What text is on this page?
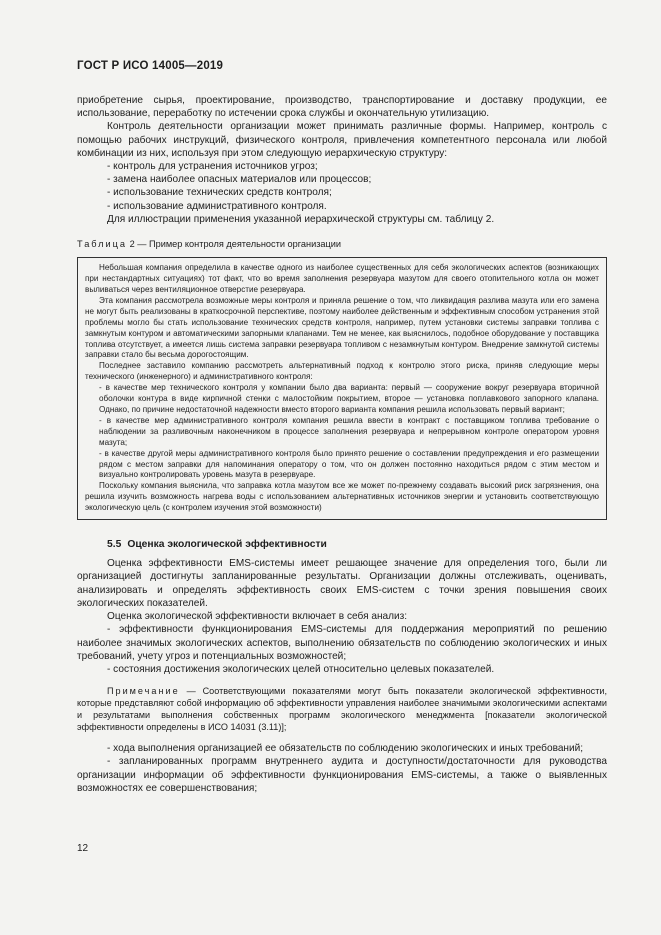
ГОСТ Р ИСО 14005—2019

приобретение сырья, проектирование, производство, транспортирование и доставку продукции, ее использование, переработку по истечении срока службы и окончательную утилизацию.

Контроль деятельности организации может принимать различные формы. Например, контроль с помощью рабочих инструкций, физического контроля, привлечения компетентного персонала или любой комбинации из них, используя при этом следующую иерархическую структуру:

- контроль для устранения источников угроз;

- замена наиболее опасных материалов или процессов;

- использование технических средств контроля;

- использование административного контроля.

Для иллюстрации применения указанной иерархической структуры см. таблицу 2.

Таблица 2 — Пример контроля деятельности организации

Небольшая компания определила в качестве одного из наиболее существенных для себя экологических аспектов (возникающих при нестандартных ситуациях) тот факт, что во время заполнения резервуара мазутом для своего отопительного котла он может выливаться через вентиляционное отверстие резервуара.

Эта компания рассмотрела возможные меры контроля и приняла решение о том, что ликвидация разлива мазута или его замена не могут быть реализованы в краткосрочной перспективе, поэтому наиболее действенным и эффективным способом устранения этой проблемы могло бы стать использование технических средств контроля, например, путем установки системы заправки топлива с замкнутым контуром и автоматическими запорными клапанами. Тем не менее, как выяснилось, подобное оборудование у поставщика топлива отсутствует, а имеется лишь система заправки резервуара топливом с незамкнутым контуром. Внедрение замкнутой системы заправки стало бы весьма дорогостоящим.

Последнее заставило компанию рассмотреть альтернативный подход к контролю этого риска, приняв следующие меры технического (инженерного) и административного контроля:

- в качестве мер технического контроля у компании было два варианта: первый — сооружение вокруг резервуара вторичной оболочки контура в виде кирпичной стенки с малостойким покрытием, второе — установка поплавкового запорного клапана. Однако, по причине недостаточной надежности вместо второго варианта компания решила использовать первый вариант;

- в качестве мер административного контроля компания решила ввести в контракт с поставщиком топлива требование о наблюдении за разливочным наконечником в процессе заполнения резервуара и непрерывном контроле оператором уровня мазута;

- в качестве другой меры административного контроля было принято решение о составлении предупреждения и его размещении рядом с местом заправки для напоминания оператору о том, что он должен постоянно находиться рядом с этим местом и визуально контролировать уровень мазута в резервуаре.

Поскольку компания выяснила, что заправка котла мазутом все же может по-прежнему создавать высокий риск загрязнения, она решила изучить возможность нагрева воды с использованием альтернативных источников энергии и установить соответствующую экологическую цель (с контролем изучения этой возможности)

5.5 Оценка экологической эффективности

Оценка эффективности EMS-системы имеет решающее значение для определения того, были ли организацией достигнуты запланированные результаты. Организации должны отслеживать, оценивать, анализировать и определять эффективность своих EMS-систем с точки зрения повышения своих экологических показателей.

Оценка экологической эффективности включает в себя анализ:

- эффективности функционирования EMS-системы для поддержания мероприятий по решению наиболее значимых экологических аспектов, выполнению обязательств по соблюдению экологических и иных требований, учету угроз и потенциальных возможностей;

- состояния достижения экологических целей относительно целевых показателей.

Примечание — Соответствующими показателями могут быть показатели экологической эффективности, которые представляют собой информацию об эффективности управления наиболее значимыми экологическими аспектами и результатами выполнения собственных программ экологического менеджмента [показатели экологической эффективности определены в ИСО 14031 (3.11)];

- хода выполнения организацией ее обязательств по соблюдению экологических и иных требований;

- запланированных программ внутреннего аудита и доступности/достаточности для руководства организации информации об эффективности функционирования EMS-системы, а также о выявленных возможностях ее совершенствования;

12
